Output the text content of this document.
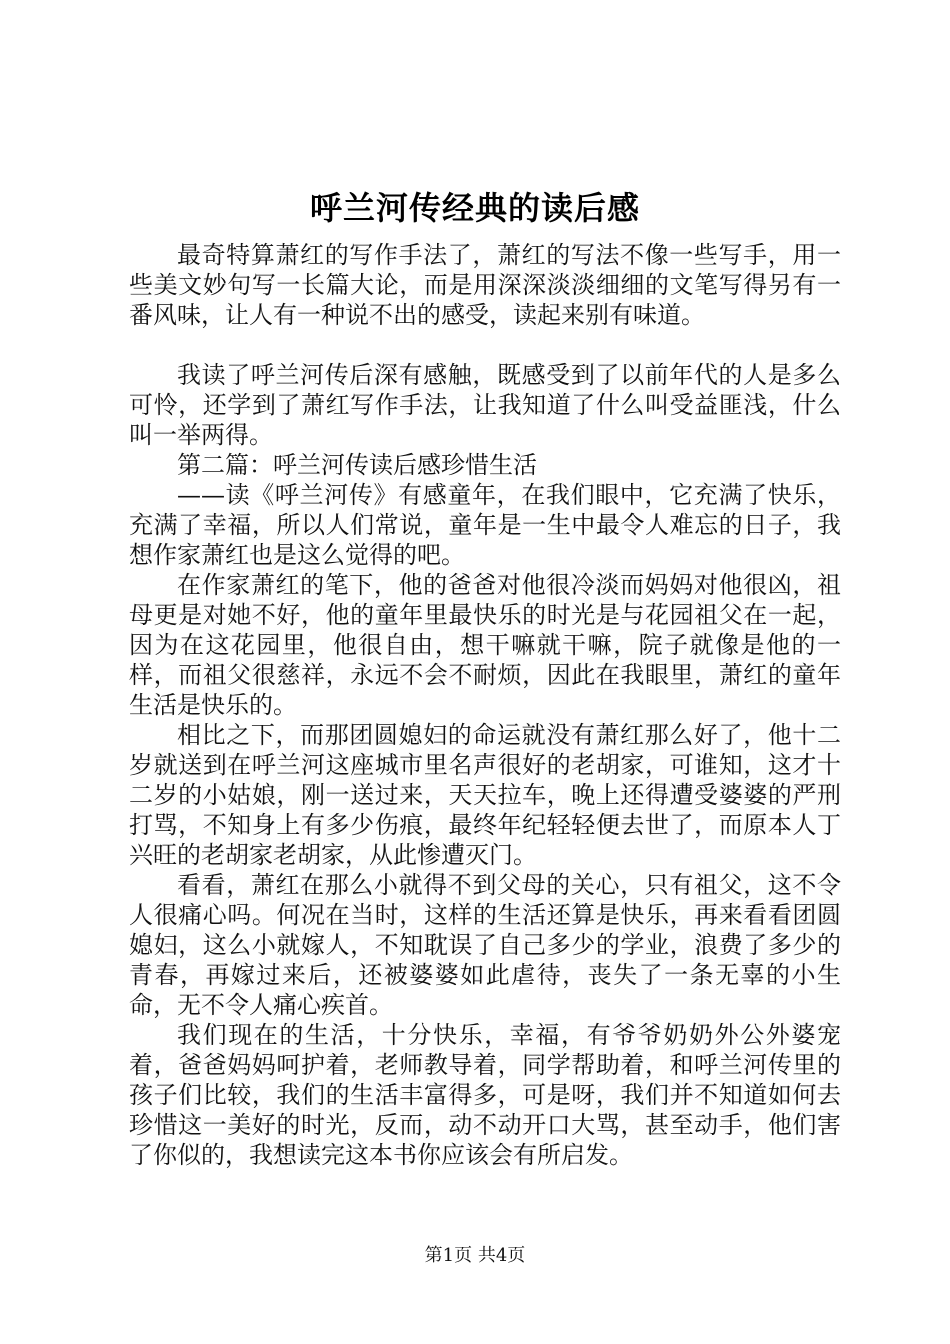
呼兰河传经典的读后感

最奇特算萧红的写作手法了，萧红的写法不像一些写手，用一些美文妙句写一长篇大论，而是用深深淡淡细细的文笔写得另有一番风味，让人有一种说不出的感受，读起来别有味道。

我读了呼兰河传后深有感触，既感受到了以前年代的人是多么可怜，还学到了萧红写作手法，让我知道了什么叫受益匪浅，什么叫一举两得。

第二篇：呼兰河传读后感珍惜生活

——读《呼兰河传》有感童年，在我们眼中，它充满了快乐，充满了幸福，所以人们常说，童年是一生中最令人难忘的日子，我想作家萧红也是这么觉得的吧。

在作家萧红的笔下，他的爸爸对他很冷淡而妈妈对他很凶，祖母更是对她不好，他的童年里最快乐的时光是与花园祖父在一起，因为在这花园里，他很自由，想干嘛就干嘛，院子就像是他的一样，而祖父很慈祥，永远不会不耐烦，因此在我眼里，萧红的童年生活是快乐的。

相比之下，而那团圆媳妇的命运就没有萧红那么好了，他十二岁就送到在呼兰河这座城市里名声很好的老胡家，可谁知，这才十二岁的小姑娘，刚一送过来，天天拉车，晚上还得遭受婆婆的严刑打骂，不知身上有多少伤痕，最终年纪轻轻便去世了，而原本人丁兴旺的老胡家老胡家，从此惨遭灭门。

看看，萧红在那么小就得不到父母的关心，只有祖父，这不令人很痛心吗。何况在当时，这样的生活还算是快乐，再来看看团圆媳妇，这么小就嫁人，不知耽误了自己多少的学业，浪费了多少的青春，再嫁过来后，还被婆婆如此虐待，丧失了一条无辜的小生命，无不令人痛心疾首。

我们现在的生活，十分快乐，幸福，有爷爷奶奶外公外婆宠着，爸爸妈妈呵护着，老师教导着，同学帮助着，和呼兰河传里的孩子们比较，我们的生活丰富得多，可是呀，我们并不知道如何去珍惜这一美好的时光，反而，动不动开口大骂，甚至动手，他们害了你似的，我想读完这本书你应该会有所启发。

第1页 共4页
